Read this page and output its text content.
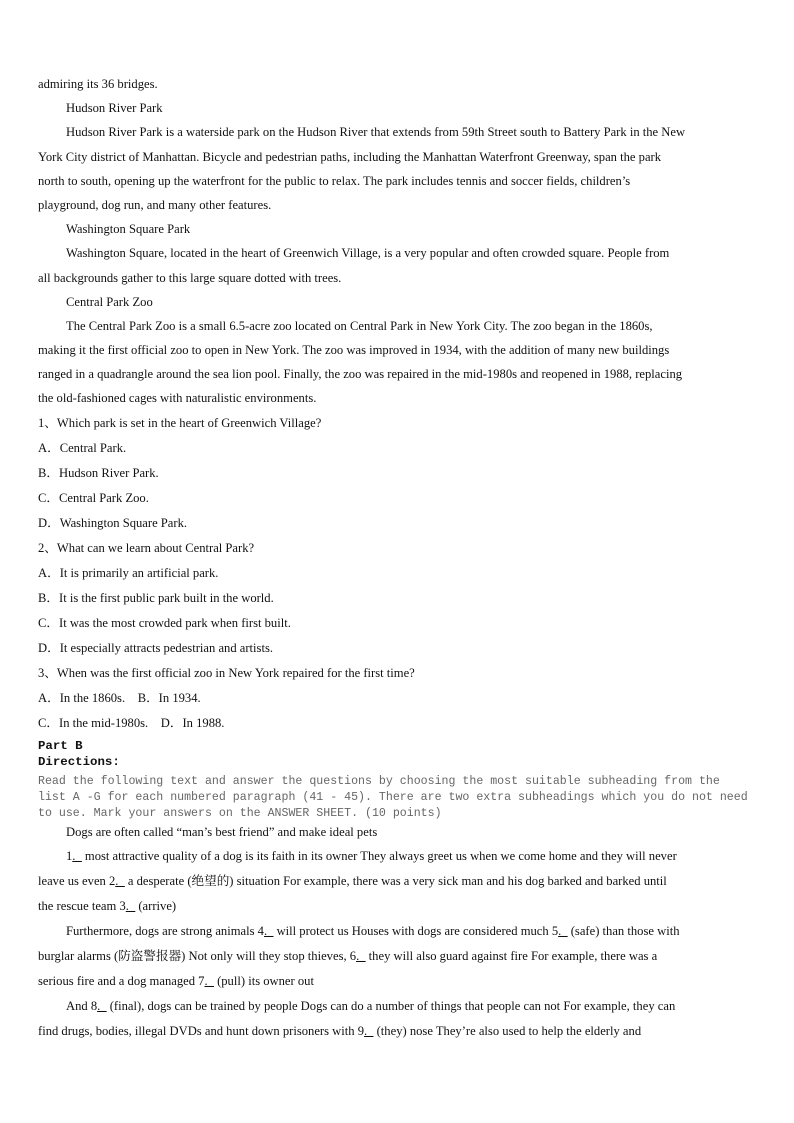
admiring its 36 bridges.
Hudson River Park
Hudson River Park is a waterside park on the Hudson River that extends from 59th Street south to Battery Park in the New
York City district of Manhattan. Bicycle and pedestrian paths, including the Manhattan Waterfront Greenway, span the park
north to south, opening up the waterfront for the public to relax. The park includes tennis and soccer fields, children’s
playground, dog run, and many other features.
Washington Square Park
Washington Square, located in the heart of Greenwich Village, is a very popular and often crowded square. People from
all backgrounds gather to this large square dotted with trees.
Central Park Zoo
The Central Park Zoo is a small 6.5-acre zoo located on Central Park in New York City. The zoo began in the 1860s,
making it the first official zoo to open in New York. The zoo was improved in 1934, with the addition of many new buildings
ranged in a quadrangle around the sea lion pool. Finally, the zoo was repaired in the mid-1980s and reopened in 1988, replacing
the old-fashioned cages with naturalistic environments.
1、Which park is set in the heart of Greenwich Village?
A．Central Park.
B．Hudson River Park.
C．Central Park Zoo.
D．Washington Square Park.
2、What can we learn about Central Park?
A．It is primarily an artificial park.
B．It is the first public park built in the world.
C．It was the most crowded park when first built.
D．It especially attracts pedestrian and artists.
3、When was the first official zoo in New York repaired for the first time?
A．In the 1860s.    B．In 1934.
C．In the mid-1980s.    D．In 1988.
Part B
Directions:
Read the following text and answer the questions by choosing the most suitable subheading from the
list A -G for each numbered paragraph (41 - 45). There are two extra subheadings which you do not need
to use. Mark your answers on the ANSWER SHEET. (10 points)
Dogs are often called “man’s best friend” and make ideal pets
1._ most attractive quality of a dog is its faith in its owner They always greet us when we come home and they will never
leave us even 2._ a desperate (绝望的) situation For example, there was a very sick man and his dog barked and barked until
the rescue team 3._ (arrive)
Furthermore, dogs are strong animals 4._ will protect us Houses with dogs are considered much 5._ (safe) than those with
burglar alarms (防盗警报器) Not only will they stop thieves, 6._ they will also guard against fire For example, there was a
serious fire and a dog managed 7._ (pull) its owner out
And 8._ (final), dogs can be trained by people Dogs can do a number of things that people can not For example, they can
find drugs, bodies, illegal DVDs and hunt down prisoners with 9._ (they) nose They’re also used to help the elderly and
